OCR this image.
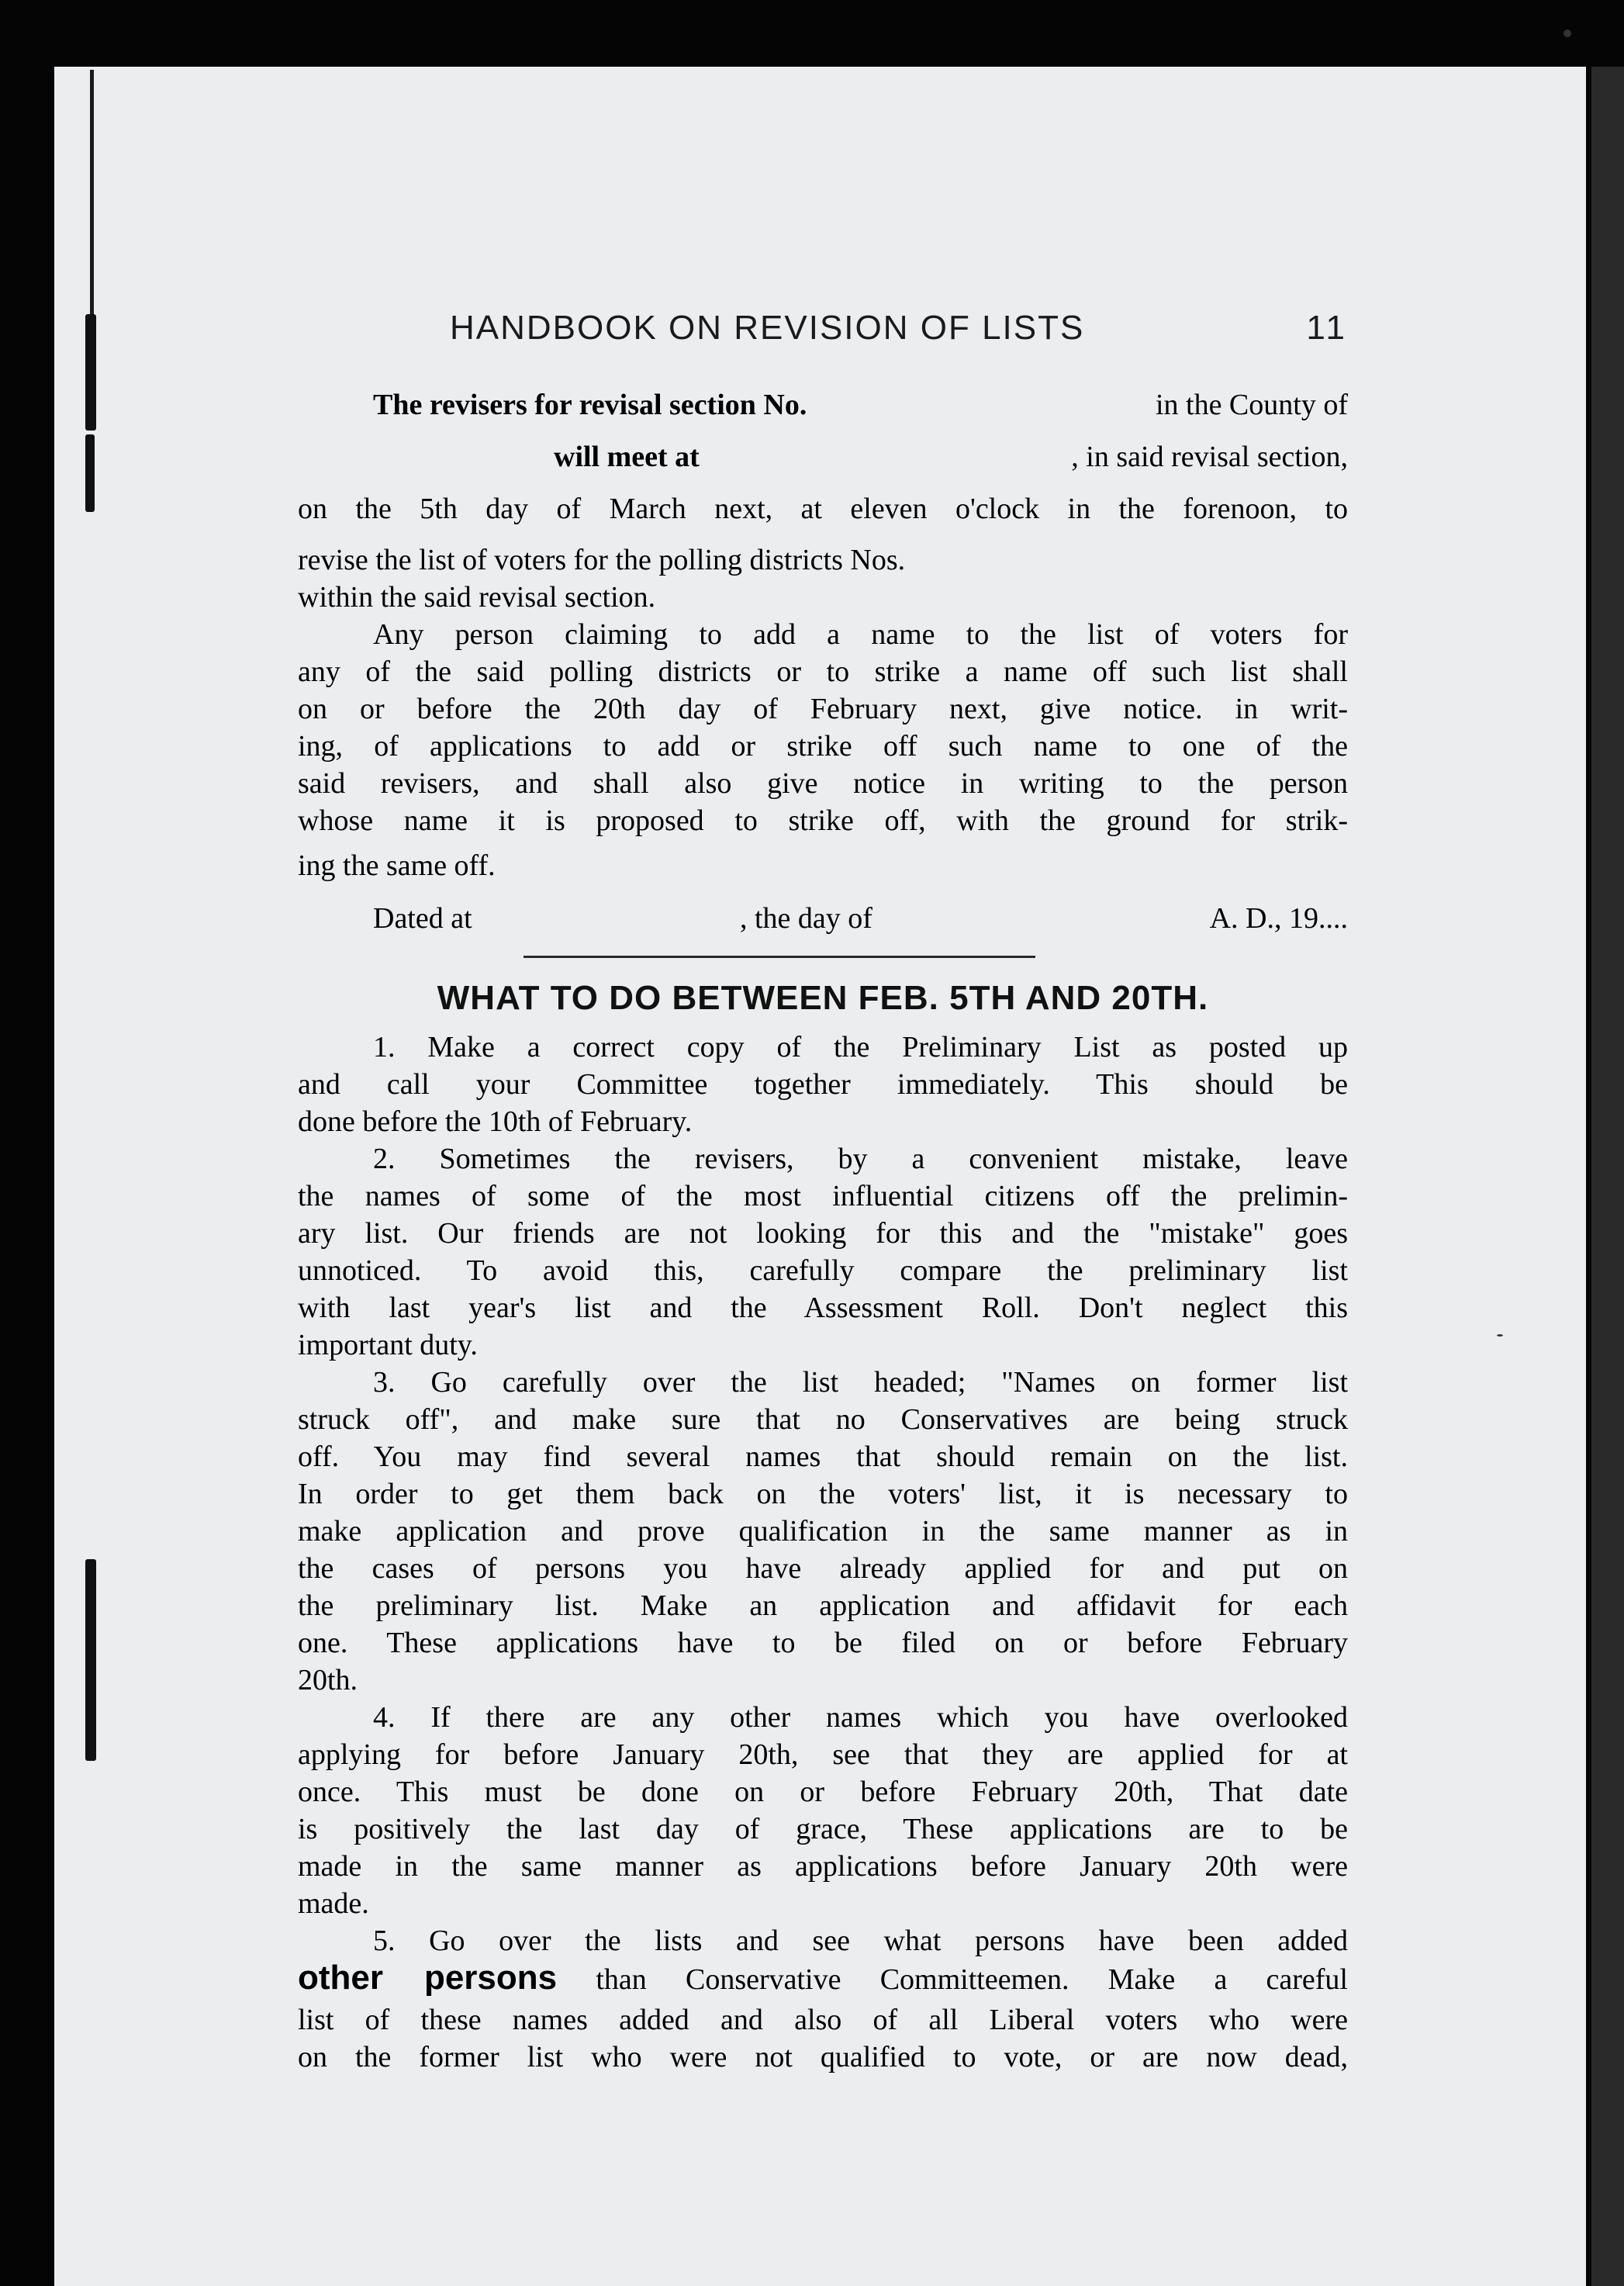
HANDBOOK ON REVISION OF LISTS	11
The revisers for revisal section No.	in the County of
will meet at	, in said revisal section,
on the 5th day of March next, at eleven o'clock in the forenoon, to
revise the list of voters for the polling districts Nos.
within the said revisal section.
Any person claiming to add a name to the list of voters for
any of the said polling districts or to strike a name off such list shall
on or before the 20th day of February next, give notice. in writ-
ing, of applications to add or strike off such name to one of the
said revisers, and shall also give notice in writing to the person
whose name it is proposed to strike off, with the ground for strik-
ing the same off.
Dated at	, the day of	A. D., 19....
WHAT TO DO BETWEEN FEB. 5TH AND 20TH.
1. Make a correct copy of the Preliminary List as posted up
and call your Committee together immediately. This should be
done before the 10th of February.
2. Sometimes the revisers, by a convenient mistake, leave
the names of some of the most influential citizens off the prelimin-
ary list. Our friends are not looking for this and the "mistake" goes
unnoticed. To avoid this, carefully compare the preliminary list
with last year's list and the Assessment Roll. Don't neglect this
important duty.
3. Go carefully over the list headed; "Names on former list
struck off", and make sure that no Conservatives are being struck
off. You may find several names that should remain on the list.
In order to get them back on the voters' list, it is necessary to
make application and prove qualification in the same manner as in
the cases of persons you have already applied for and put on
the preliminary list. Make an application and affidavit for each
one. These applications have to be filed on or before February
20th.
4. If there are any other names which you have overlooked
applying for before January 20th, see that they are applied for at
once. This must be done on or before February 20th, That date
is positively the last day of grace, These applications are to be
made in the same manner as applications before January 20th were
made.
5. Go over the lists and see what persons have been added
other persons than Conservative Committeemen. Make a careful
list of these names added and also of all Liberal voters who were
on the former list who were not qualified to vote, or are now dead,
